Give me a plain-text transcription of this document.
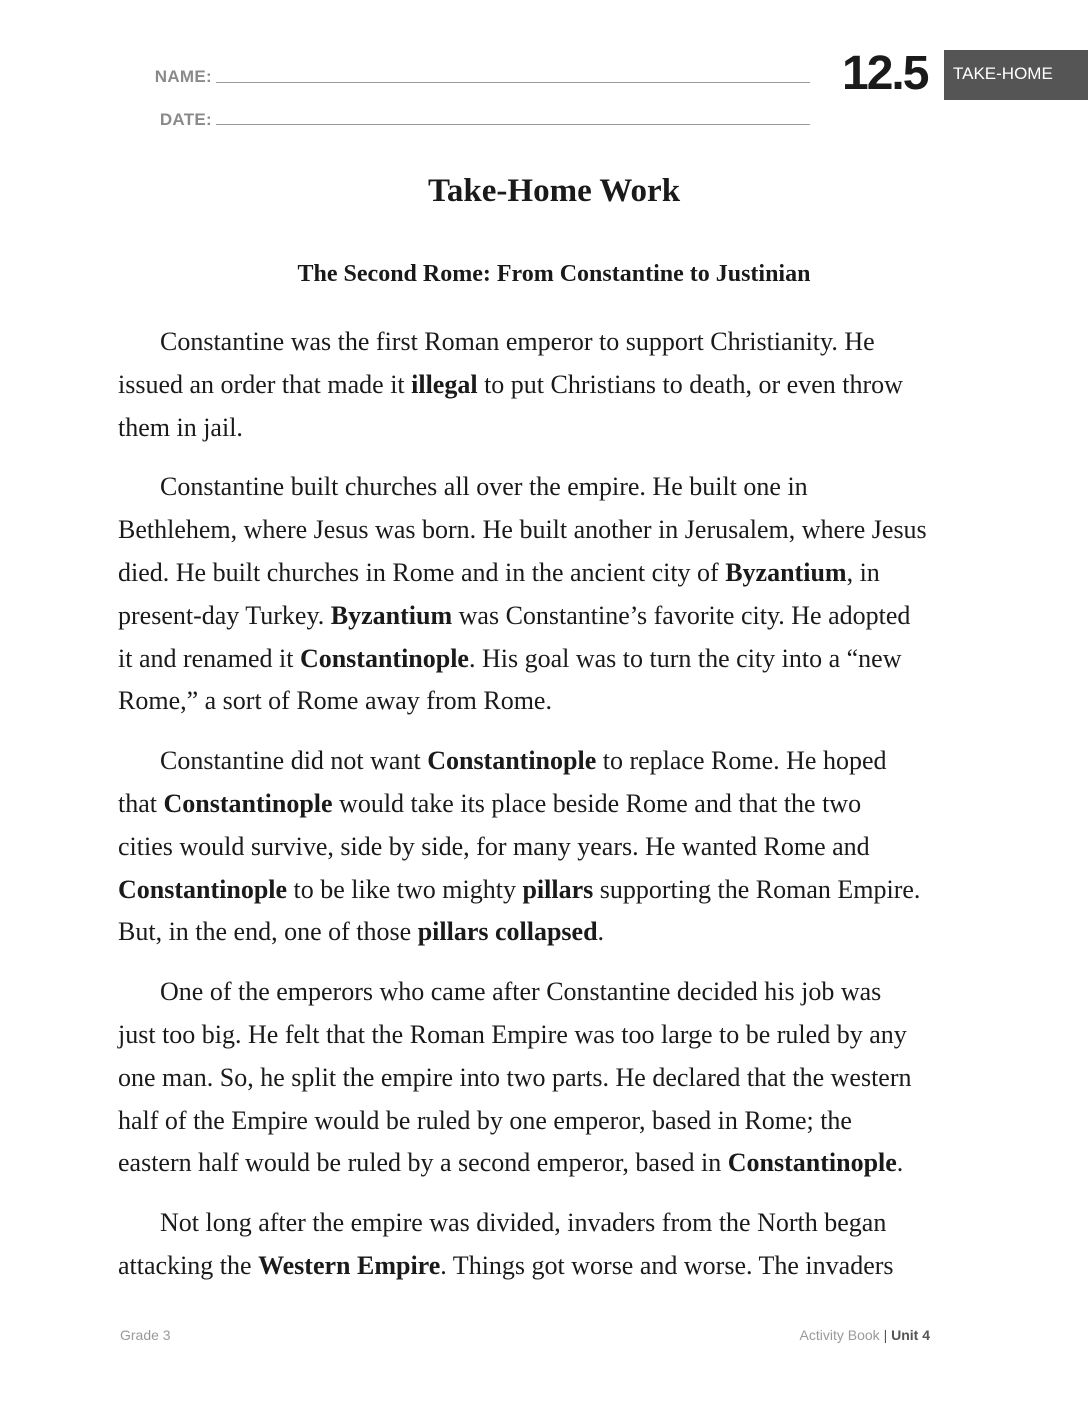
NAME:
DATE:
12.5	TAKE-HOME
Take-Home Work
The Second Rome: From Constantine to Justinian

Constantine was the first Roman emperor to support Christianity. He
issued an order that made it illegal to put Christians to death, or even throw
them in jail.

Constantine built churches all over the empire. He built one in
Bethlehem, where Jesus was born. He built another in Jerusalem, where Jesus
died. He built churches in Rome and in the ancient city of Byzantium, in
present-day Turkey. Byzantium was Constantine’s favorite city. He adopted
it and renamed it Constantinople. His goal was to turn the city into a “new
Rome,” a sort of Rome away from Rome.

Constantine did not want Constantinople to replace Rome. He hoped
that Constantinople would take its place beside Rome and that the two
cities would survive, side by side, for many years. He wanted Rome and
Constantinople to be like two mighty pillars supporting the Roman Empire.
But, in the end, one of those pillars collapsed.

One of the emperors who came after Constantine decided his job was
just too big. He felt that the Roman Empire was too large to be ruled by any
one man. So, he split the empire into two parts. He declared that the western
half of the Empire would be ruled by one emperor, based in Rome; the
eastern half would be ruled by a second emperor, based in Constantinople.

Not long after the empire was divided, invaders from the North began
attacking the Western Empire. Things got worse and worse. The invaders

Grade 3	Activity Book | Unit 4
